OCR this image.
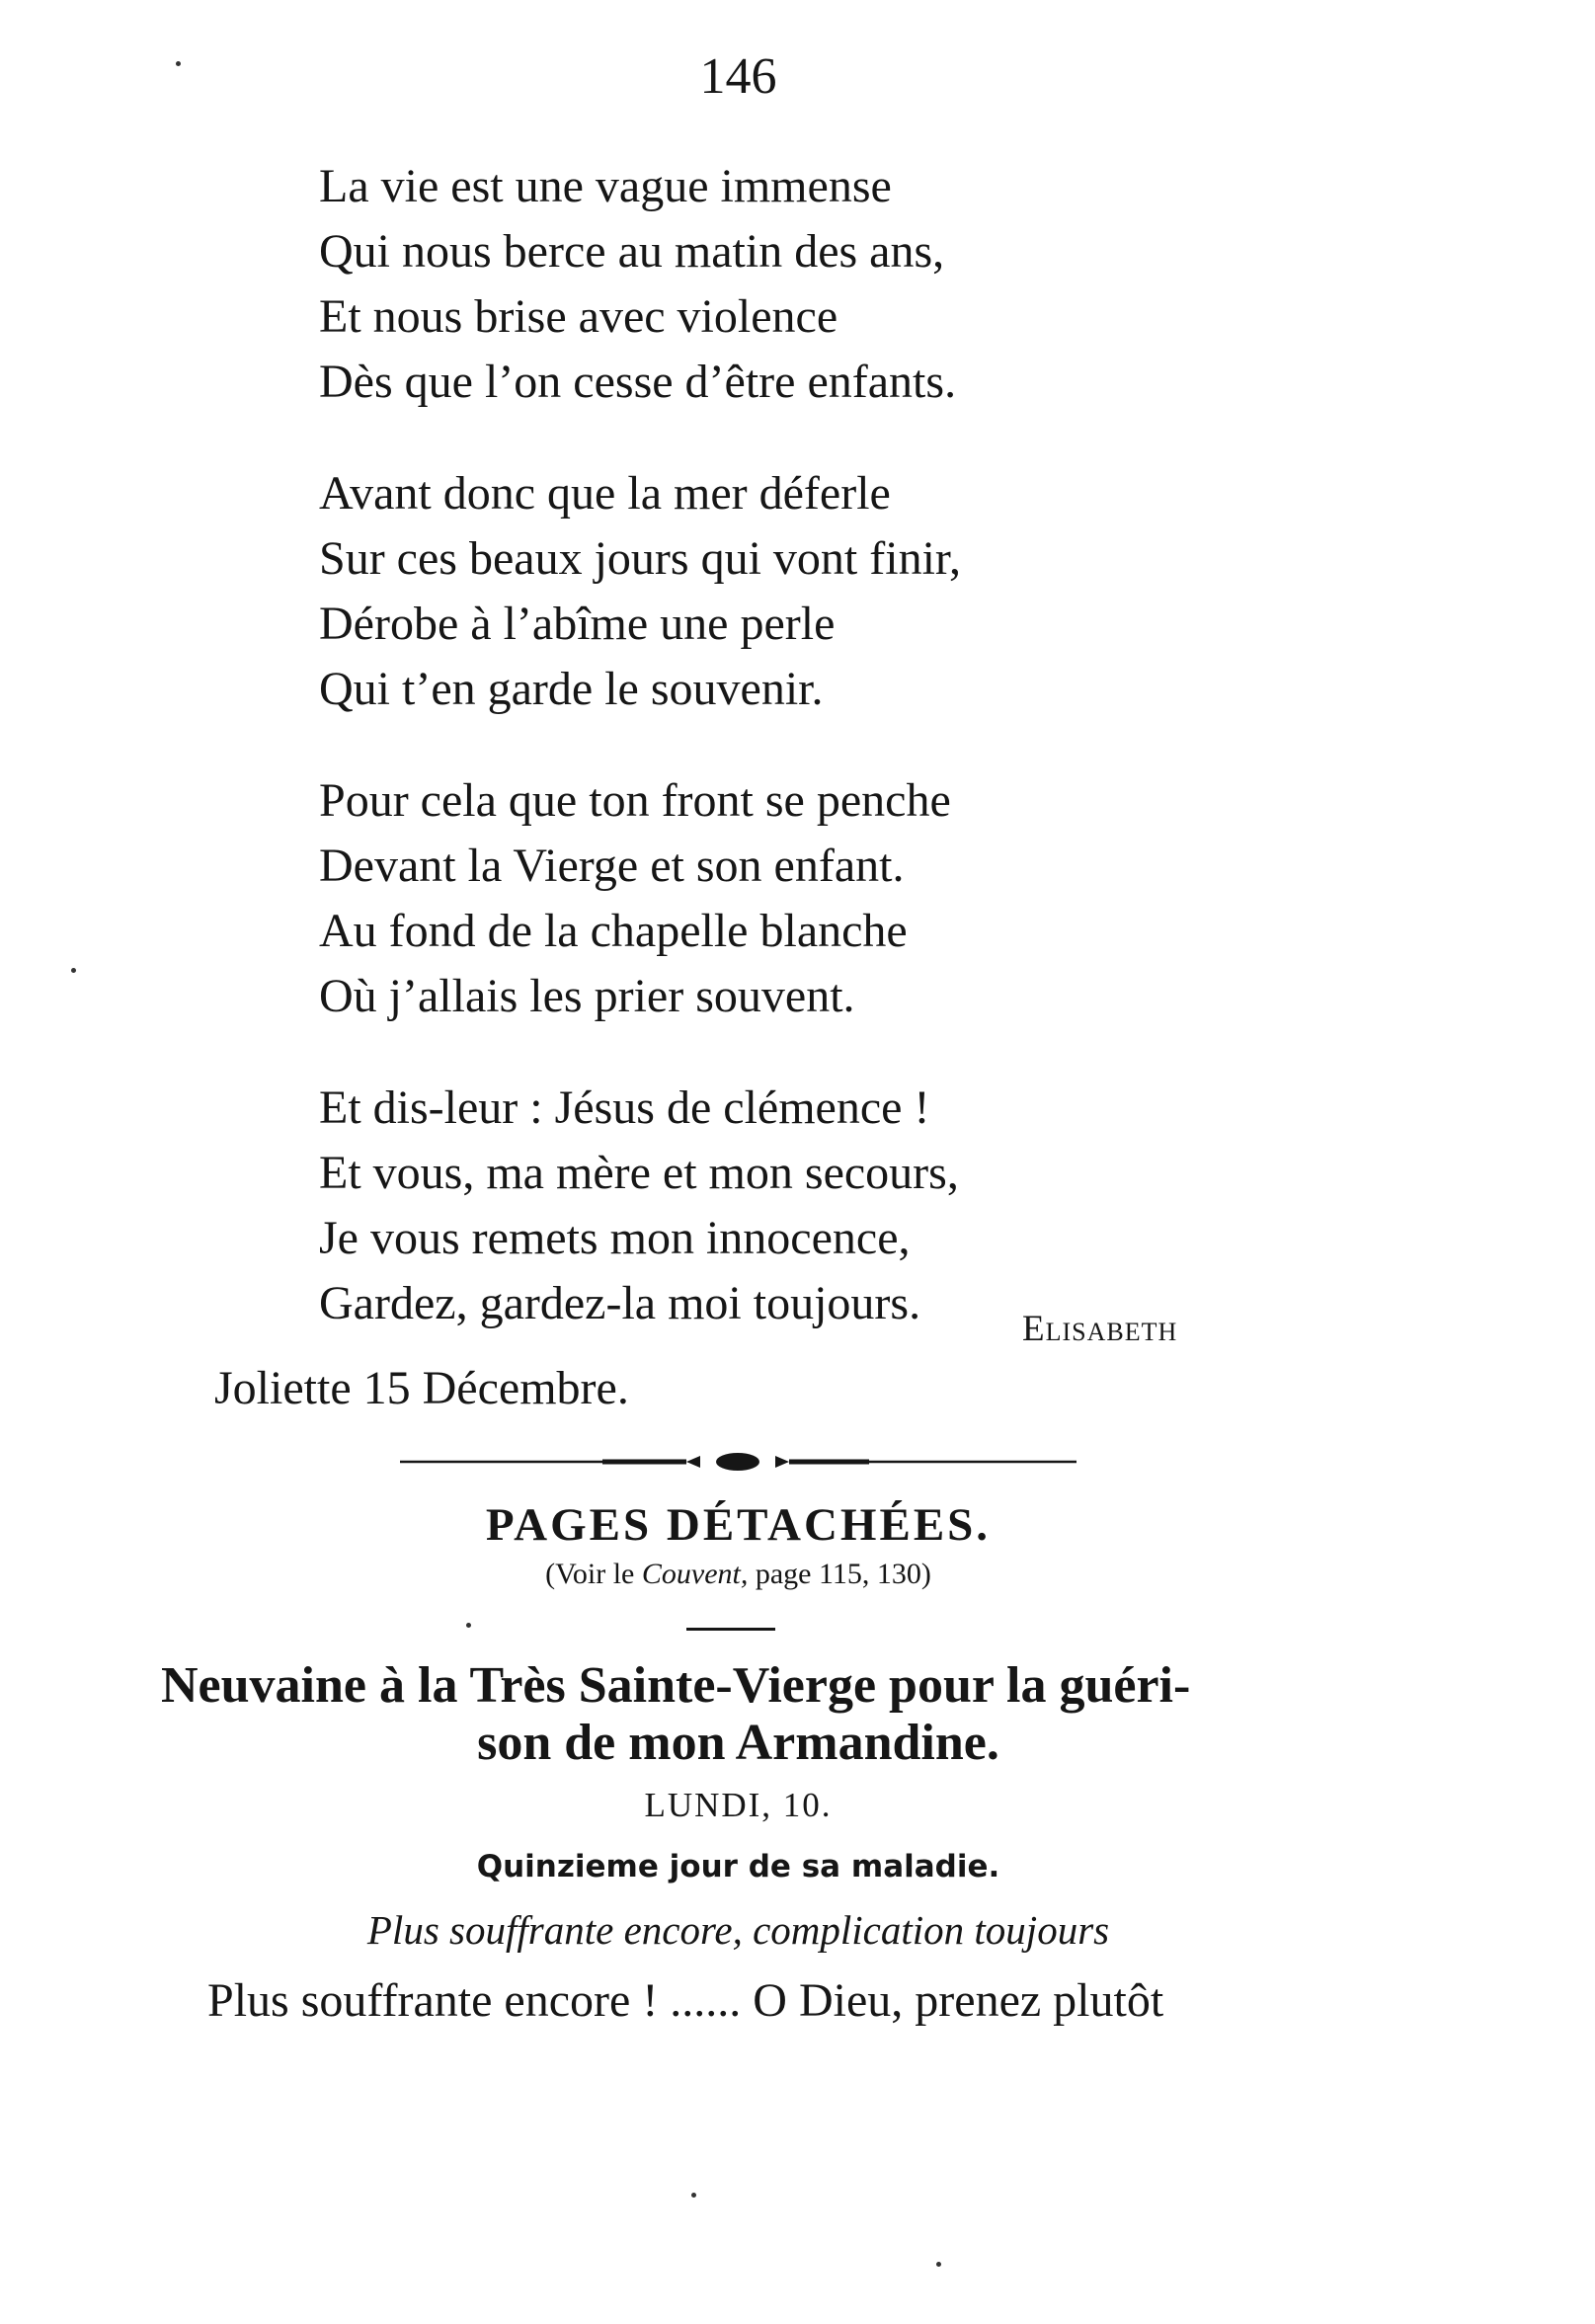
146
La vie est une vague immense
Qui nous berce au matin des ans,
Et nous brise avec violence
Dès que l’on cesse d’être enfants.
Avant donc que la mer déferle
Sur ces beaux jours qui vont finir,
Dérobe à l’abîme une perle
Qui t’en garde le souvenir.
Pour cela que ton front se penche
Devant la Vierge et son enfant.
Au fond de la chapelle blanche
Où j’allais les prier souvent.
Et dis-leur : Jésus de clémence !
Et vous, ma mère et mon secours,
Je vous remets mon innocence,
Gardez, gardez-la moi toujours.	Elisabeth
Joliette 15 Décembre.
PAGES DÉTACHÉES.
(Voir le Couvent, page 115, 130)
Neuvaine à la Très Sainte-Vierge pour la guéri-
son de mon Armandine.
LUNDI, 10.
Quinzieme jour de sa maladie.
Plus souffrante encore, complication toujours
Plus souffrante encore ! ...... O Dieu, prenez plutôt
